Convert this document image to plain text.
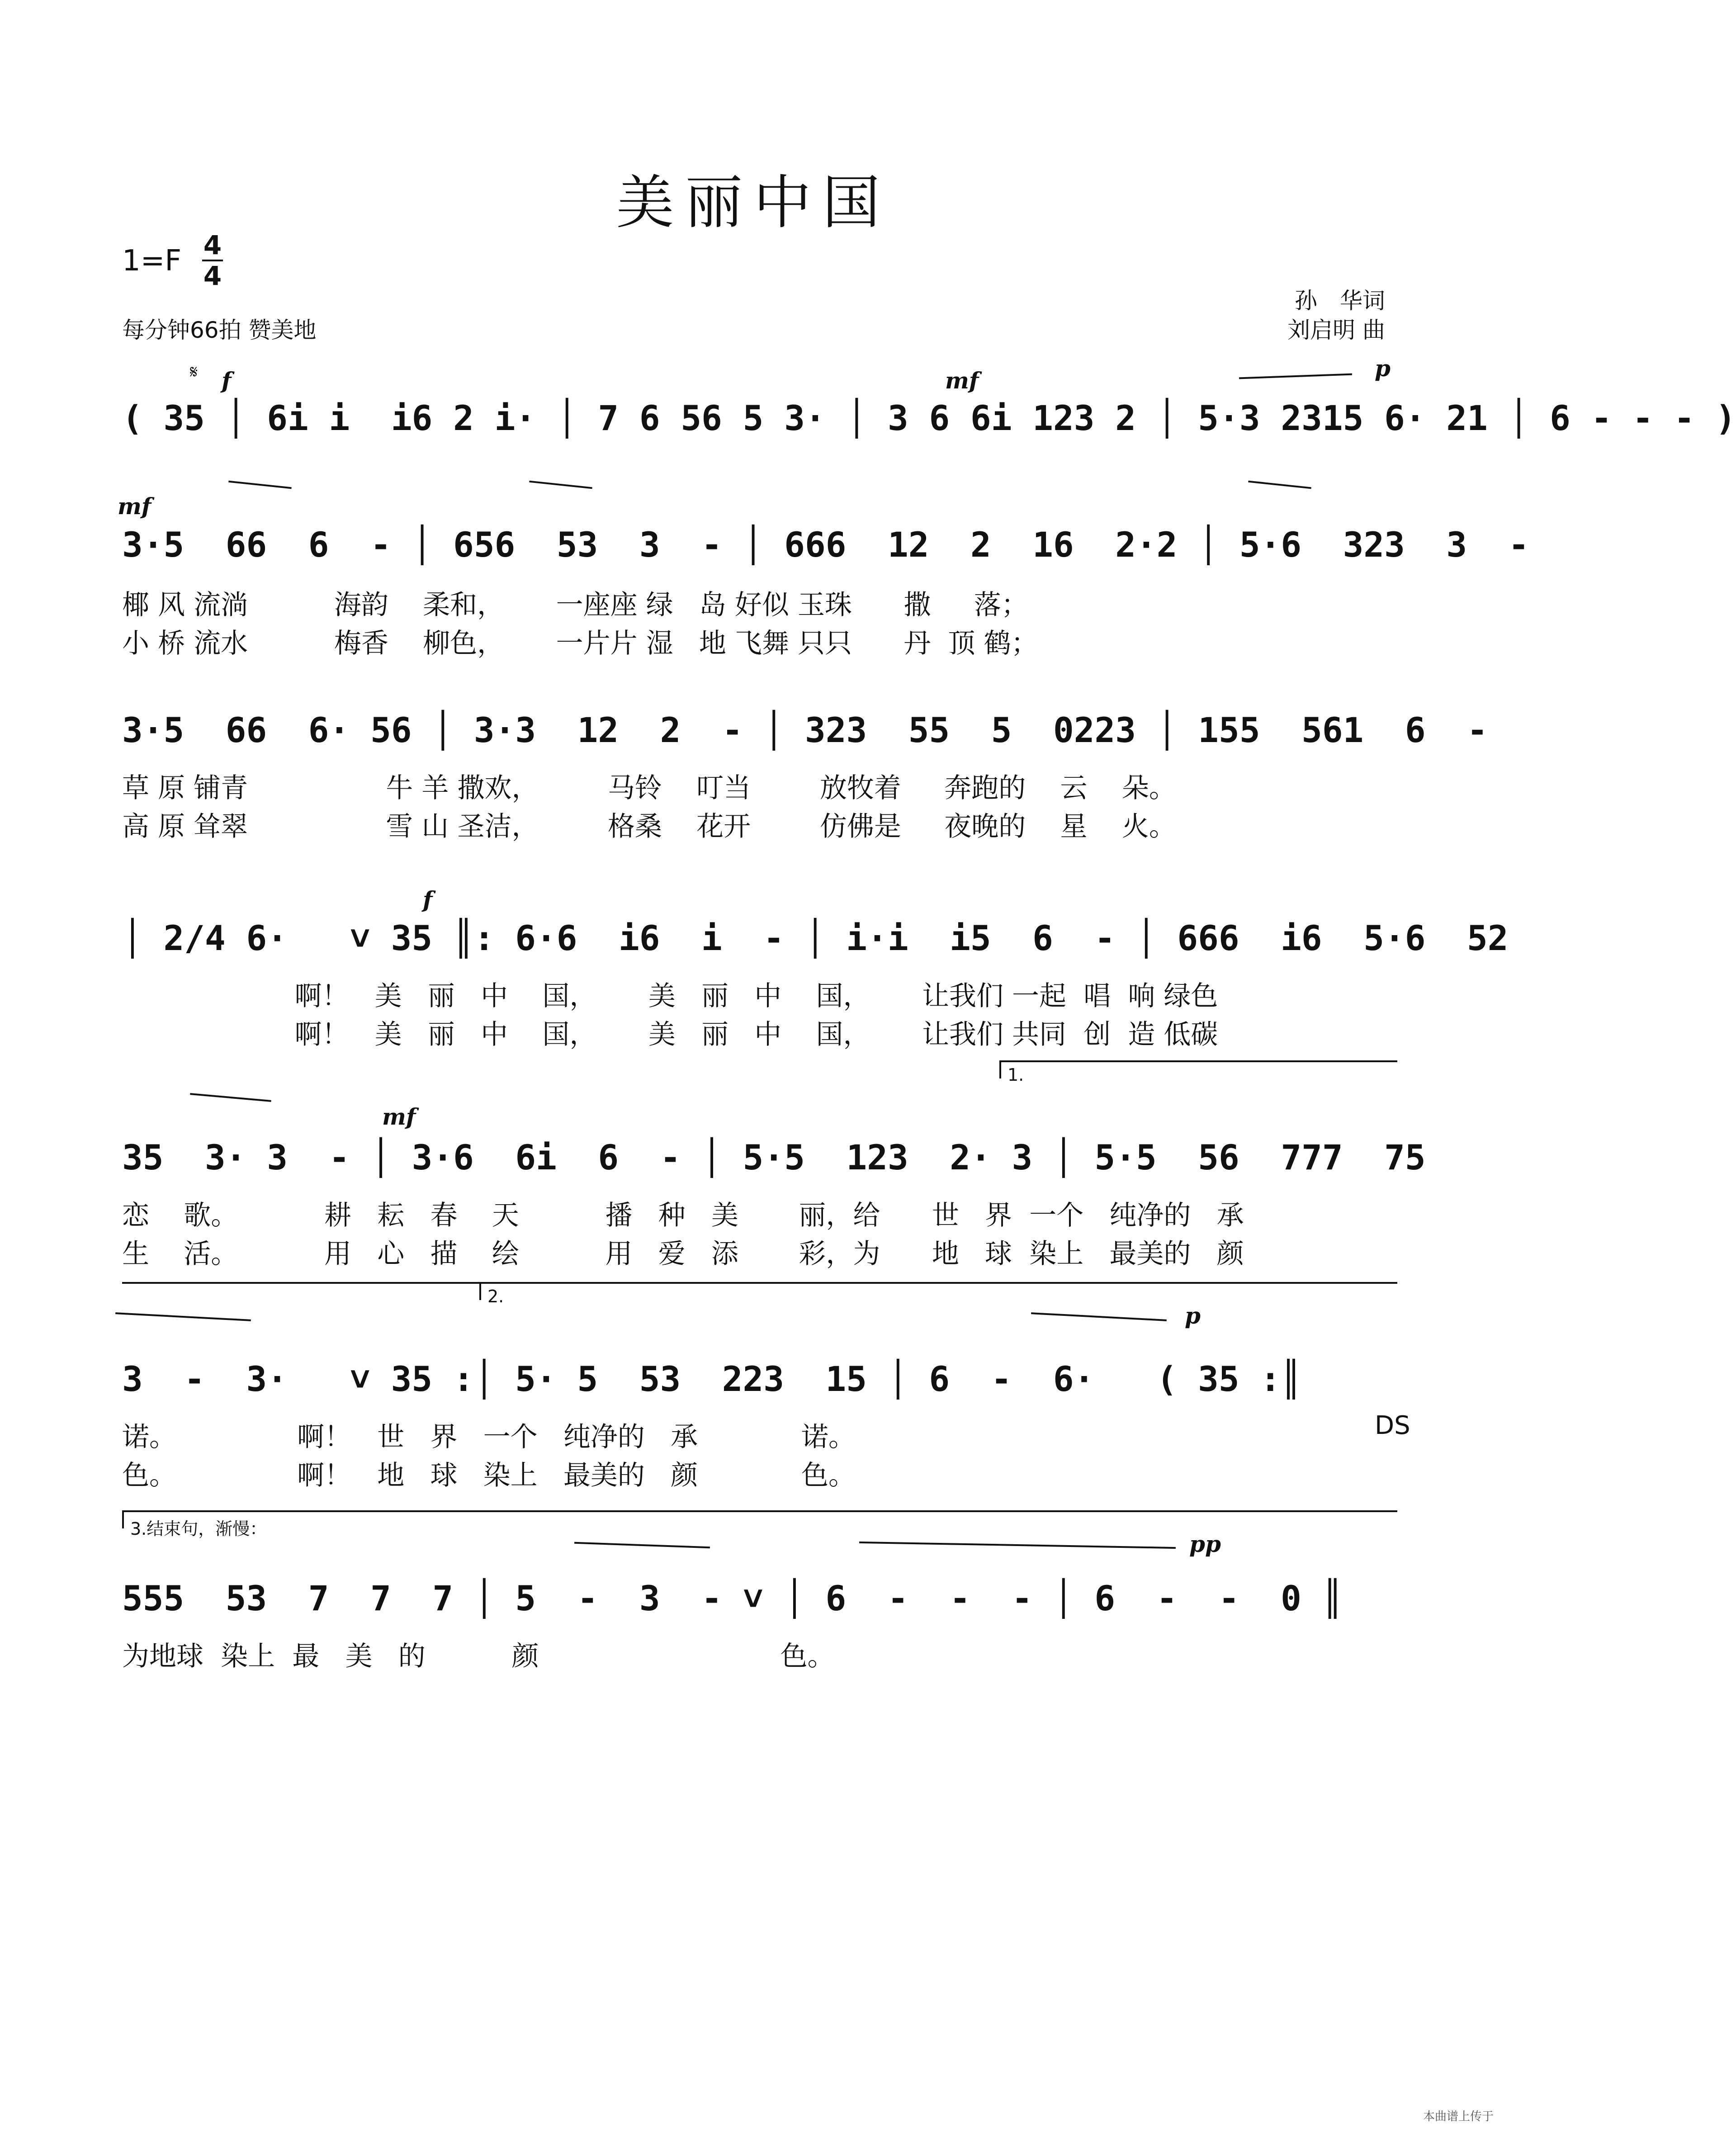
美丽中国
1=F 4
4
每分钟66拍 赞美地
孙　华词
刘启明 曲
𝄋 f	mf	p
( 35 │ 6i i  i6 2 i· │ 7 6 56 5 3· │ 3 6 6i 123 2 │ 5·3 2315 6· 21 │ 6 - - - )
mf
3·5  66  6  - │ 656  53  3  - │ 666  12  2  16  2·2 │ 5·6  323  3  -
椰 风 流淌          海韵    柔和，      一座座 绿   岛 好似 玉珠      撒     落；
小 桥 流水          梅香    柳色，      一片片 湿   地 飞舞 只只      丹  顶 鹤；
3·5  66  6· 56 │ 3·3  12  2  - │ 323  55  5  0223 │ 155  561  6  -
草 原 铺青                牛 羊 撒欢，        马铃    叮当        放牧着     奔跑的    云    朵。
高 原 耸翠                雪 山 圣洁，        格桑    花开        仿佛是     夜晚的    星    火。
f
│ 2/4 6·   ˅ 35 ║: 6·6  i6  i  - │ i·i  i5  6  - │ 666  i6  5·6  52
啊！   美   丽   中    国，      美   丽   中    国，      让我们 一起  唱  响 绿色
啊！   美   丽   中    国，      美   丽   中    国，      让我们 共同  创  造 低碳
1.
mf
35  3· 3  - │ 3·6  6i  6  - │ 5·5  123  2· 3 │ 5·5  56  777  75
恋    歌。          耕   耘   春    天          播   种   美       丽，给      世   界  一个   纯净的   承
生    活。          用   心   描    绘          用   爱   添       彩，为      地   球  染上   最美的   颜
2.
p
3  -  3·   ˅ 35 :│ 5· 5  53  223  15 │ 6  -  6·   ( 35 :║
诺。              啊！   世   界   一个   纯净的   承            诺。
色。              啊！   地   球   染上   最美的   颜            色。
DS
3.结束句，渐慢：
pp
555  53  7  7  7 │ 5  -  3  - ˅ │ 6  -  -  - │ 6  -  -  0 ║
为地球  染上  最   美   的          颜                            色。
本曲谱上传于
